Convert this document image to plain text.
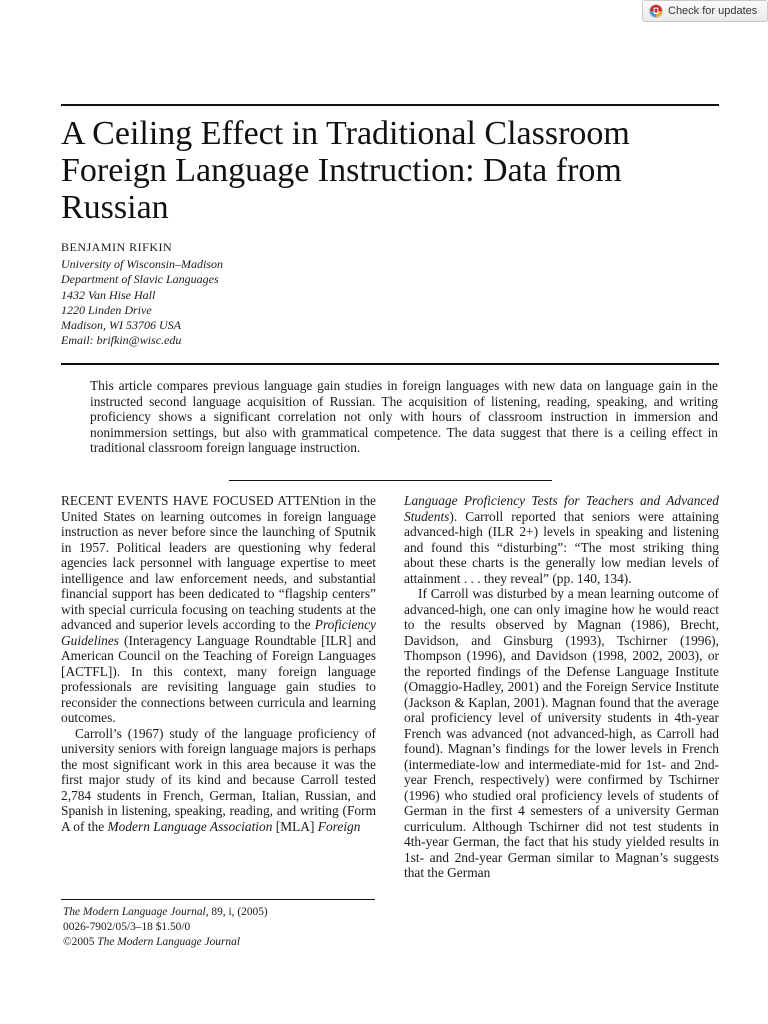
Check for updates
A Ceiling Effect in Traditional Classroom Foreign Language Instruction: Data from Russian
BENJAMIN RIFKIN
University of Wisconsin–Madison
Department of Slavic Languages
1432 Van Hise Hall
1220 Linden Drive
Madison, WI 53706 USA
Email: brifkin@wisc.edu

This article compares previous language gain studies in foreign languages with new data on language gain in the instructed second language acquisition of Russian. The acquisition of listening, reading, speaking, and writing proficiency shows a significant correlation not only with hours of classroom instruction in immersion and nonimmersion settings, but also with grammatical competence. The data suggest that there is a ceiling effect in traditional classroom foreign language instruction.

RECENT EVENTS HAVE FOCUSED ATTENtion in the United States on learning outcomes in foreign language instruction as never before since the launching of Sputnik in 1957. Political leaders are questioning why federal agencies lack personnel with language expertise to meet intelligence and law enforcement needs, and substantial financial support has been dedicated to “flagship centers” with special curricula focusing on teaching students at the advanced and superior levels according to the Proficiency Guidelines (Interagency Language Roundtable [ILR] and American Council on the Teaching of Foreign Languages [ACTFL]). In this context, many foreign language professionals are revisiting language gain studies to reconsider the connections between curricula and learning outcomes.

Carroll’s (1967) study of the language proficiency of university seniors with foreign language majors is perhaps the most significant work in this area because it was the first major study of its kind and because Carroll tested 2,784 students in French, German, Italian, Russian, and Spanish in listening, speaking, reading, and writing (Form A of the Modern Language Association [MLA] Foreign

Language Proficiency Tests for Teachers and Advanced Students). Carroll reported that seniors were attaining advanced-high (ILR 2+) levels in speaking and listening and found this “disturbing”: “The most striking thing about these charts is the generally low median levels of attainment . . . they reveal” (pp. 140, 134).

If Carroll was disturbed by a mean learning outcome of advanced-high, one can only imagine how he would react to the results observed by Magnan (1986), Brecht, Davidson, and Ginsburg (1993), Tschirner (1996), Thompson (1996), and Davidson (1998, 2002, 2003), or the reported findings of the Defense Language Institute (Omaggio-Hadley, 2001) and the Foreign Service Institute (Jackson & Kaplan, 2001). Magnan found that the average oral proficiency level of university students in 4th-year French was advanced (not advanced-high, as Carroll had found). Magnan’s findings for the lower levels in French (intermediate-low and intermediate-mid for 1st- and 2nd-year French, respectively) were confirmed by Tschirner (1996) who studied oral proficiency levels of students of German in the first 4 semesters of a university German curriculum. Although Tschirner did not test students in 4th-year German, the fact that his study yielded results in 1st- and 2nd-year German similar to Magnan’s suggests that the German

The Modern Language Journal, 89, i, (2005)
0026-7902/05/3–18 $1.50/0
©2005 The Modern Language Journal
